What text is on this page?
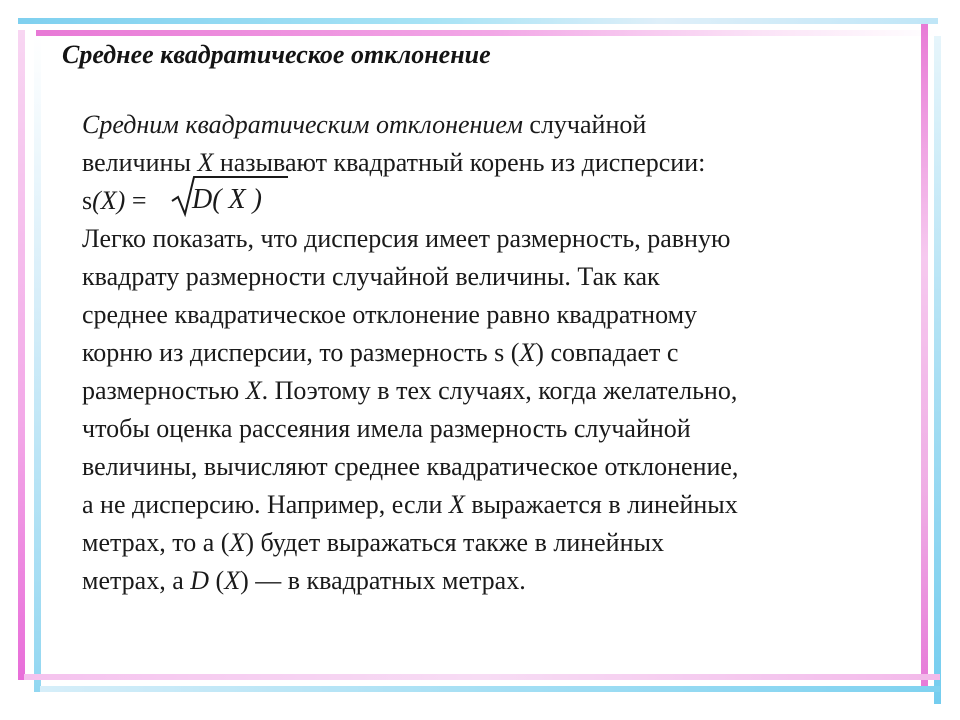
Среднее квадратическое отклонение
Средним квадратическим отклонением случайной
величины X называют квадратный корень из дисперсии:
s(X) = D( X )
Легко показать, что дисперсия имеет размерность, равную
квадрату размерности случайной величины. Так как
среднее квадратическое отклонение равно квадратному
корню из дисперсии, то размерность s (X) совпадает с
размерностью X. Поэтому в тех случаях, когда желательно,
чтобы оценка рассеяния имела размерность случайной
величины, вычисляют среднее квадратическое отклонение,
а не дисперсию. Например, если X выражается в линейных
метрах, то а (X) будет выражаться также в линейных
метрах, а D (X) — в квадратных метрах.
